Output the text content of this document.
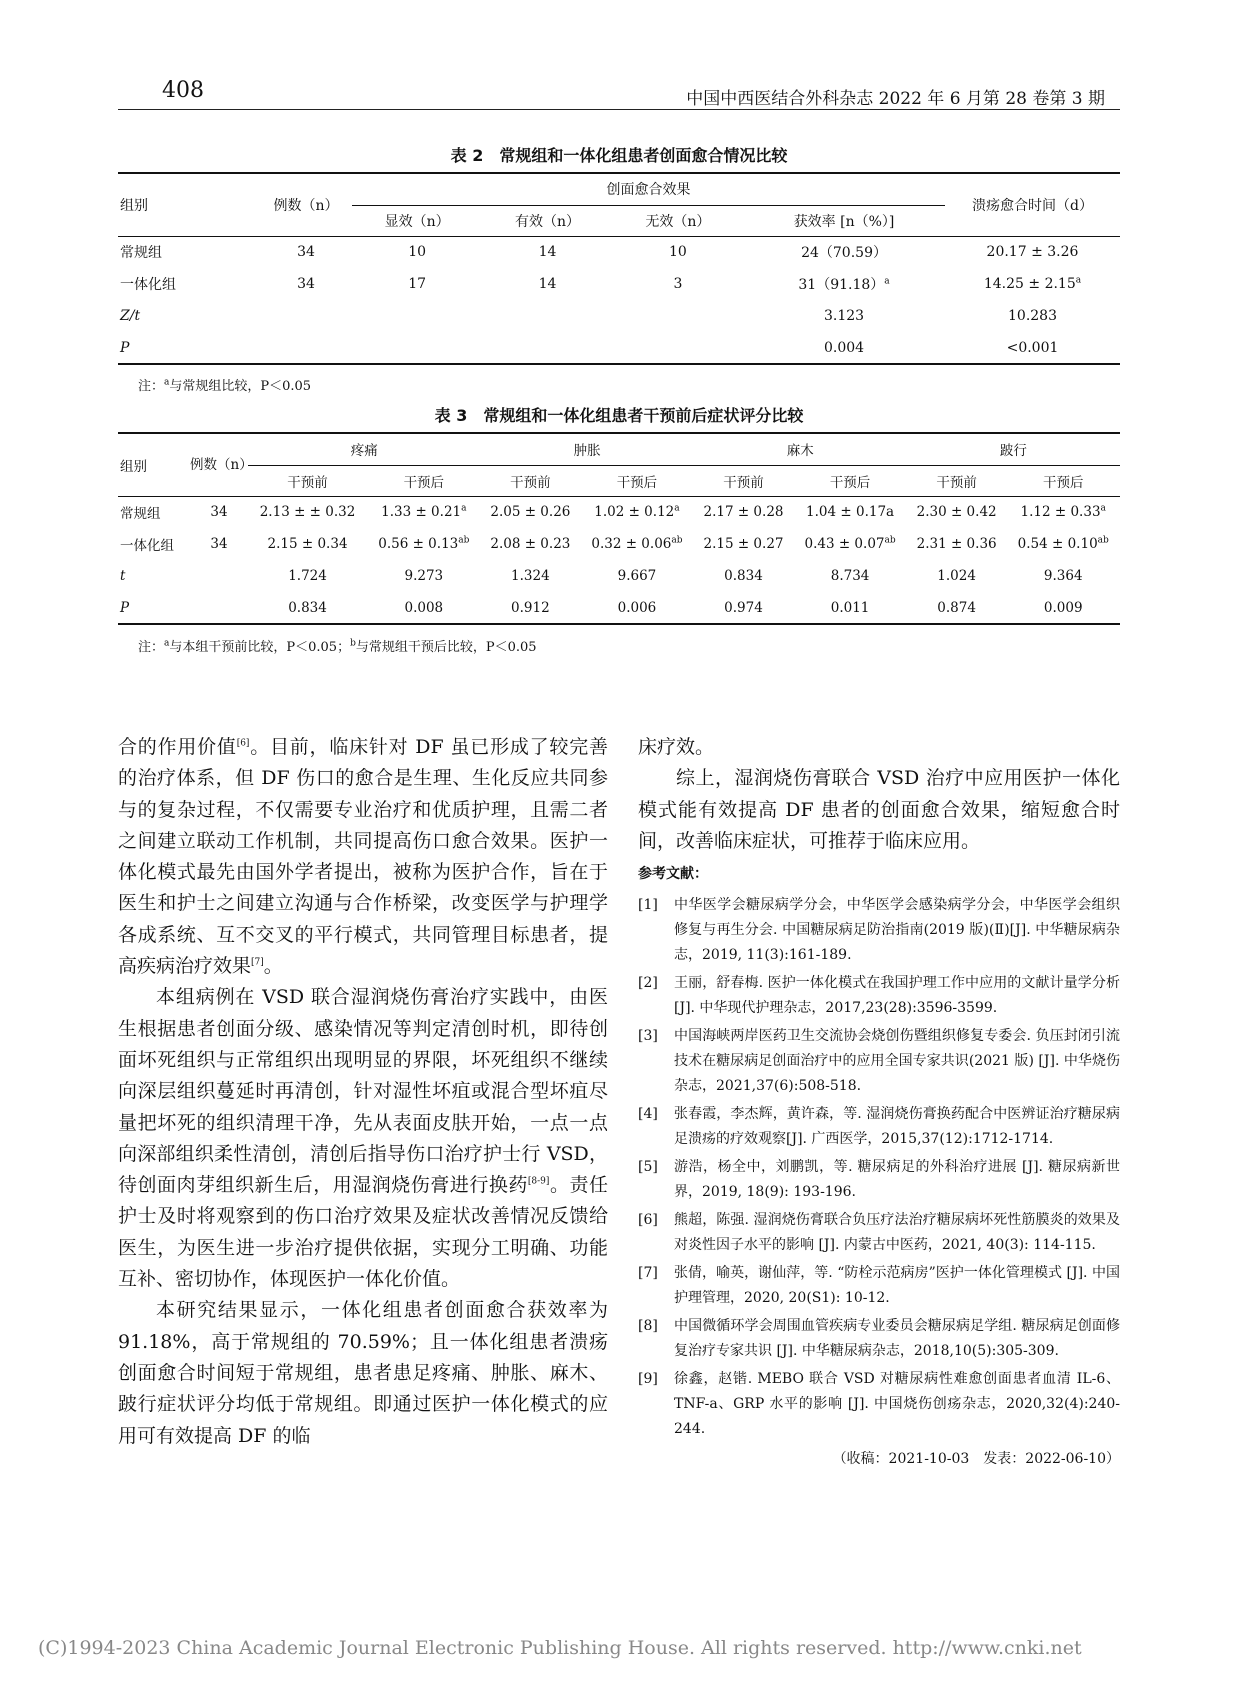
408	中国中西医结合外科杂志 2022 年 6 月第 28 卷第 3 期
表 2　常规组和一体化组患者创面愈合情况比较
组别	例数（n）	创面愈合效果				溃疡愈合时间（d）
		显效（n）	有效（n）	无效（n）	获效率 [n（%）]	
常规组	34	10	14	10	24（70.59）	20.17 ± 3.26
一体化组	34	17	14	3	$31(91.18)^a$	14.25 ± 2.15$^a$
Z/t					3.123	10.283
P					0.004	<0.001
注：$^a$与常规组比较，P＜0.05
表 3　常规组和一体化组患者干预前后症状评分比较
组别	例数（n）	疼痛		肿胀		麻木		跛行	
		干预前	干预后	干预前	干预后	干预前	干预后	干预前	干预后
常规组	34	2.13 ± ± 0.32	1.33 ± 0.21$^a$	2.05 ± 0.26	1.02 ± 0.12$^a$	2.17 ± 0.28	1.04 ± 0.17a	2.30 ± 0.42	1.12 ± 0.33$^a$
一体化组	34	2.15 ± 0.34	0.56 ± 0.13$^{ab}$	2.08 ± 0.23	0.32 ± 0.06$^{ab}$	2.15 ± 0.27	0.43 ± 0.07$^{ab}$	2.31 ± 0.36	0.54 ± 0.10$^{ab}$
t		1.724	9.273	1.324	9.667	0.834	8.734	1.024	9.364
P		0.834	0.008	0.912	0.006	0.974	0.011	0.874	0.009
注：$^a$与本组干预前比较，P＜0.05；$^b$与常规组干预后比较，P＜0.05

合的作用价值[6]。目前，临床针对 DF 虽已形成了较完善的治疗体系，但 DF 伤口的愈合是生理、生化反应共同参与的复杂过程，不仅需要专业治疗和优质护理，且需二者之间建立联动工作机制，共同提高伤口愈合效果。医护一体化模式最先由国外学者提出，被称为医护合作，旨在于医生和护士之间建立沟通与合作桥梁，改变医学与护理学各成系统、互不交叉的平行模式，共同管理目标患者，提高疾病治疗效果[7]。

本组病例在 VSD 联合湿润烧伤膏治疗实践中，由医生根据患者创面分级、感染情况等判定清创时机，即待创面坏死组织与正常组织出现明显的界限，坏死组织不继续向深层组织蔓延时再清创，针对湿性坏疽或混合型坏疽尽量把坏死的组织清理干净，先从表面皮肤开始，一点一点向深部组织柔性清创，清创后指导伤口治疗护士行 VSD，待创面肉芽组织新生后，用湿润烧伤膏进行换药[8-9]。责任护士及时将观察到的伤口治疗效果及症状改善情况反馈给医生，为医生进一步治疗提供依据，实现分工明确、功能互补、密切协作，体现医护一体化价值。

本研究结果显示，一体化组患者创面愈合获效率为 91.18%，高于常规组的 70.59%；且一体化组患者溃疡创面愈合时间短于常规组，患者患足疼痛、肿胀、麻木、跛行症状评分均低于常规组。即通过医护一体化模式的应用可有效提高 DF 的临

床疗效。

综上，湿润烧伤膏联合 VSD 治疗中应用医护一体化模式能有效提高 DF 患者的创面愈合效果，缩短愈合时间，改善临床症状，可推荐于临床应用。

参考文献：
[1]	中华医学会糖尿病学分会，中华医学会感染病学分会，中华医学会组织修复与再生分会. 中国糖尿病足防治指南(2019 版)(Ⅱ)[J]. 中华糖尿病杂志，2019, 11(3):161-189.
[2]	王丽，舒春梅. 医护一体化模式在我国护理工作中应用的文献计量学分析 [J]. 中华现代护理杂志，2017,23(28):3596-3599.
[3]	中国海峡两岸医药卫生交流协会烧创伤暨组织修复专委会. 负压封闭引流技术在糖尿病足创面治疗中的应用全国专家共识(2021 版) [J]. 中华烧伤杂志，2021,37(6):508-518.
[4]	张春霞，李杰辉，黄许森，等. 湿润烧伤膏换药配合中医辨证治疗糖尿病足溃疡的疗效观察[J]. 广西医学，2015,37(12):1712-1714.
[5]	游浩，杨全中，刘鹏凯，等. 糖尿病足的外科治疗进展 [J]. 糖尿病新世界，2019, 18(9): 193-196.
[6]	熊超，陈强. 湿润烧伤膏联合负压疗法治疗糖尿病坏死性筋膜炎的效果及对炎性因子水平的影响 [J]. 内蒙古中医药，2021, 40(3): 114-115.
[7]	张倩，喻英，谢仙萍，等. “防栓示范病房”医护一体化管理模式 [J]. 中国护理管理，2020, 20(S1): 10-12.
[8]	中国微循环学会周围血管疾病专业委员会糖尿病足学组. 糖尿病足创面修复治疗专家共识 [J]. 中华糖尿病杂志，2018,10(5):305-309.
[9]	徐鑫，赵锴. MEBO 联合 VSD 对糖尿病性难愈创面患者血清 IL-6、TNF-a、GRP 水平的影响 [J]. 中国烧伤创疡杂志，2020,32(4):240-244.
（收稿：2021-10-03　发表：2022-06-10）
(C)1994-2023 China Academic Journal Electronic Publishing House. All rights reserved. http://www.cnki.net
